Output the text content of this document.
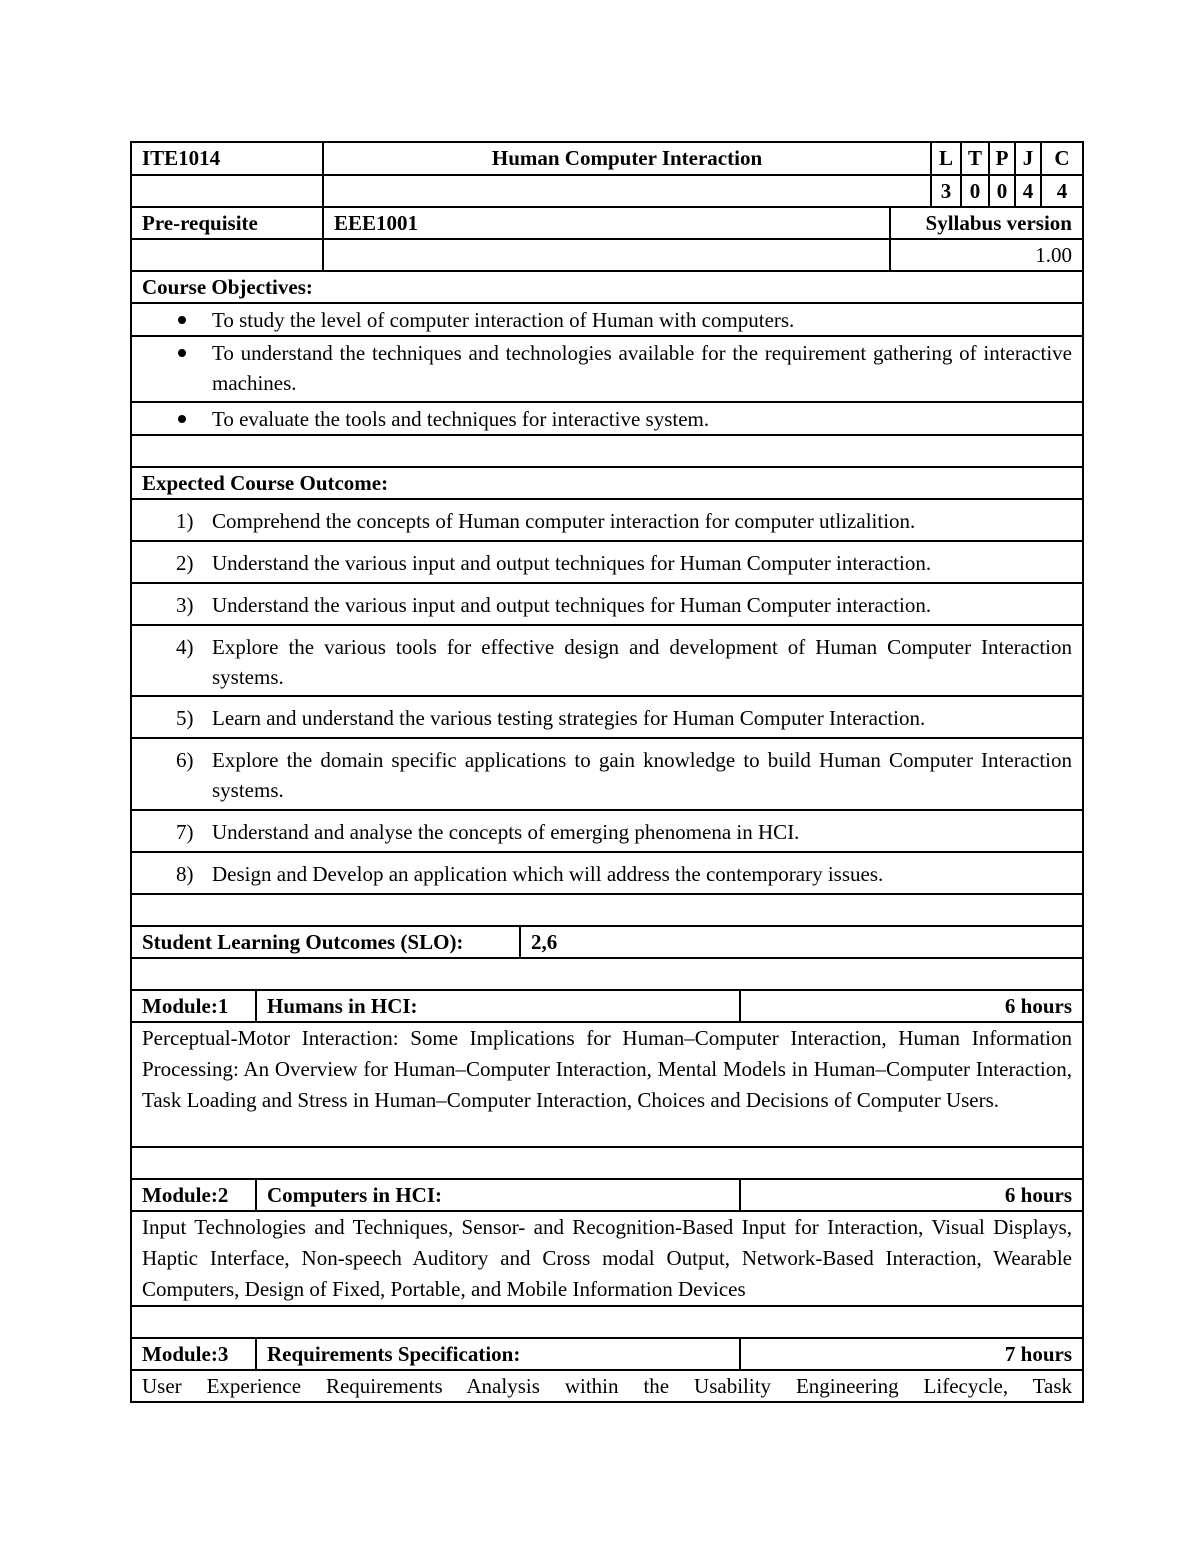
ITE1014	Human Computer Interaction	L T P J	C
3 0 0 4	4
Pre-requisite	EEE1001	Syllabus version
1.00
Course Objectives:
To study the level of computer interaction of Human with computers.
To understand the techniques and technologies available for the requirement gathering of interactive machines.
To evaluate the tools and techniques for interactive system.
Expected Course Outcome:
1) Comprehend the concepts of Human computer interaction for computer utlizalition.
2) Understand the various input and output techniques for Human Computer interaction.
3) Understand the various input and output techniques for Human Computer interaction.
4) Explore the various tools for effective design and development of Human Computer Interaction systems.
5) Learn and understand the various testing strategies for Human Computer Interaction.
6) Explore the domain specific applications to gain knowledge to build Human Computer Interaction systems.
7) Understand and analyse the concepts of emerging phenomena in HCI.
8) Design and Develop an application which will address the contemporary issues.
Student Learning Outcomes (SLO):	2,6
Module:1	Humans in HCI:	6 hours
Perceptual-Motor Interaction: Some Implications for Human–Computer Interaction, Human Information Processing: An Overview for Human–Computer Interaction, Mental Models in Human–Computer Interaction, Task Loading and Stress in Human–Computer Interaction, Choices and Decisions of Computer Users.
Module:2	Computers in HCI:	6 hours
Input Technologies and Techniques, Sensor- and Recognition-Based Input for Interaction, Visual Displays, Haptic Interface, Non-speech Auditory and Cross modal Output, Network-Based Interaction, Wearable Computers, Design of Fixed, Portable, and Mobile Information Devices
Module:3	Requirements Specification:	7 hours
User Experience Requirements Analysis within the Usability Engineering Lifecycle, Task
